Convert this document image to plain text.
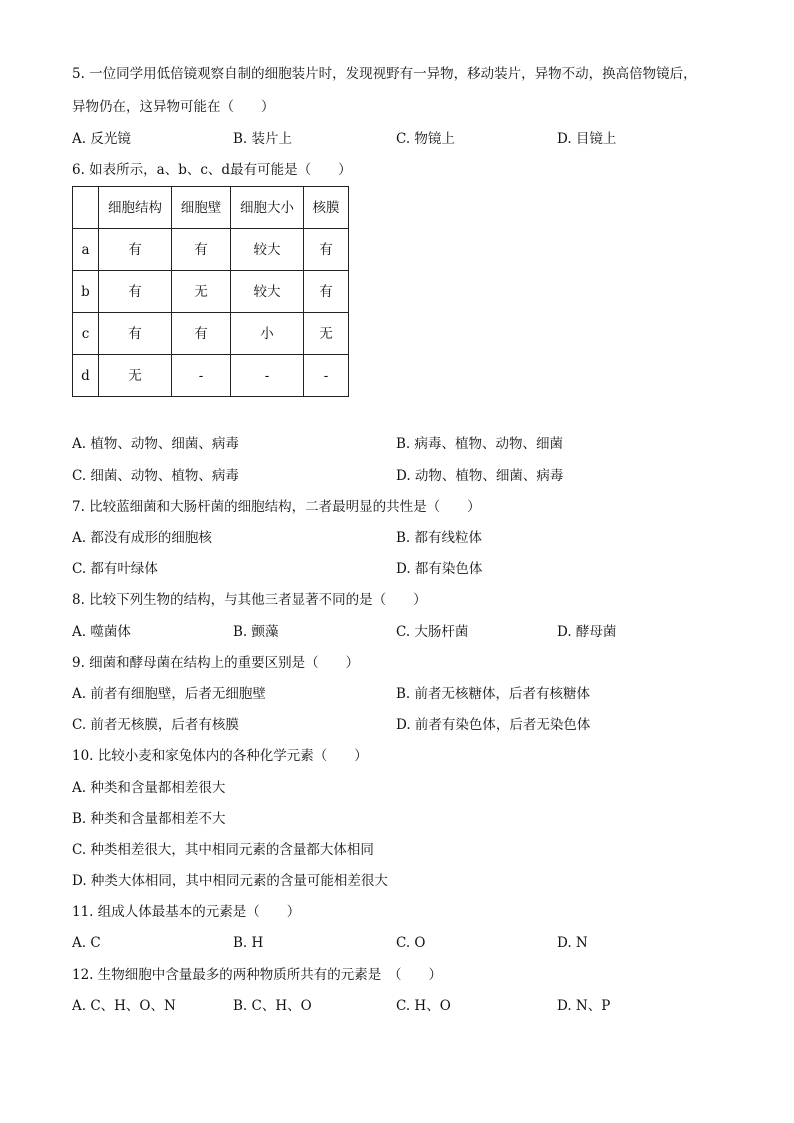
5. 一位同学用低倍镜观察自制的细胞装片时，发现视野有一异物，移动装片，异物不动，换高倍物镜后，
异物仍在，这异物可能在（　　）
A. 反光镜	B. 装片上	C. 物镜上	D. 目镜上
6. 如表所示，a、b、c、d最有可能是（　　）
	细胞结构	细胞壁	细胞大小	核膜
a	有	有	较大	有
b	有	无	较大	有
c	有	有	小	无
d	无	-	-	-
A. 植物、动物、细菌、病毒	B. 病毒、植物、动物、细菌
C. 细菌、动物、植物、病毒	D. 动物、植物、细菌、病毒
7. 比较蓝细菌和大肠杆菌的细胞结构，二者最明显的共性是（　　）
A. 都没有成形的细胞核	B. 都有线粒体
C. 都有叶绿体	D. 都有染色体
8. 比较下列生物的结构，与其他三者显著不同的是（　　）
A. 噬菌体	B. 颤藻	C. 大肠杆菌	D. 酵母菌
9. 细菌和酵母菌在结构上的重要区别是（　　）
A. 前者有细胞壁，后者无细胞壁	B. 前者无核糖体，后者有核糖体
C. 前者无核膜，后者有核膜	D. 前者有染色体，后者无染色体
10. 比较小麦和家兔体内的各种化学元素（　　）
A. 种类和含量都相差很大
B. 种类和含量都相差不大
C. 种类相差很大，其中相同元素的含量都大体相同
D. 种类大体相同，其中相同元素的含量可能相差很大
11. 组成人体最基本的元素是（　　）
A. C	B. H	C. O	D. N
12. 生物细胞中含量最多的两种物质所共有的元素是　（　　）
A. C、H、O、N	B. C、H、O	C. H、O	D. N、P
